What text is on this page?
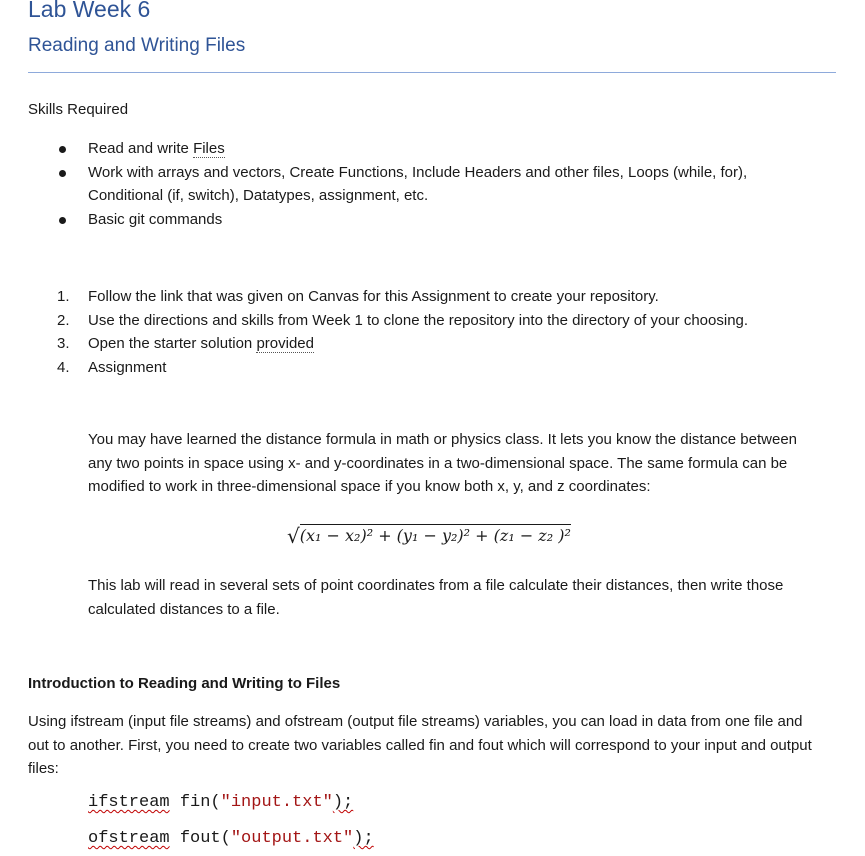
Lab Week 6
Reading and Writing Files

Skills Required

Read and write Files
Work with arrays and vectors, Create Functions, Include Headers and other files, Loops (while, for), Conditional (if, switch), Datatypes, assignment, etc.
Basic git commands
1. Follow the link that was given on Canvas for this Assignment to create your repository.
2. Use the directions and skills from Week 1 to clone the repository into the directory of your choosing.
3. Open the starter solution provided
4. Assignment

You may have learned the distance formula in math or physics class. It lets you know the distance between any two points in space using x- and y-coordinates in a two-dimensional space. The same formula can be modified to work in three-dimensional space if you know both x, y, and z coordinates:

√(x₁ − x₂)² + (y₁ − y₂)² + (z₁ − z₂ )²

This lab will read in several sets of point coordinates from a file calculate their distances, then write those calculated distances to a file.

Introduction to Reading and Writing to Files

Using ifstream (input file streams) and ofstream (output file streams) variables, you can load in data from one file and out to another. First, you need to create two variables called fin and fout which will correspond to your input and output files:

ifstream fin("input.txt");
ofstream fout("output.txt");
